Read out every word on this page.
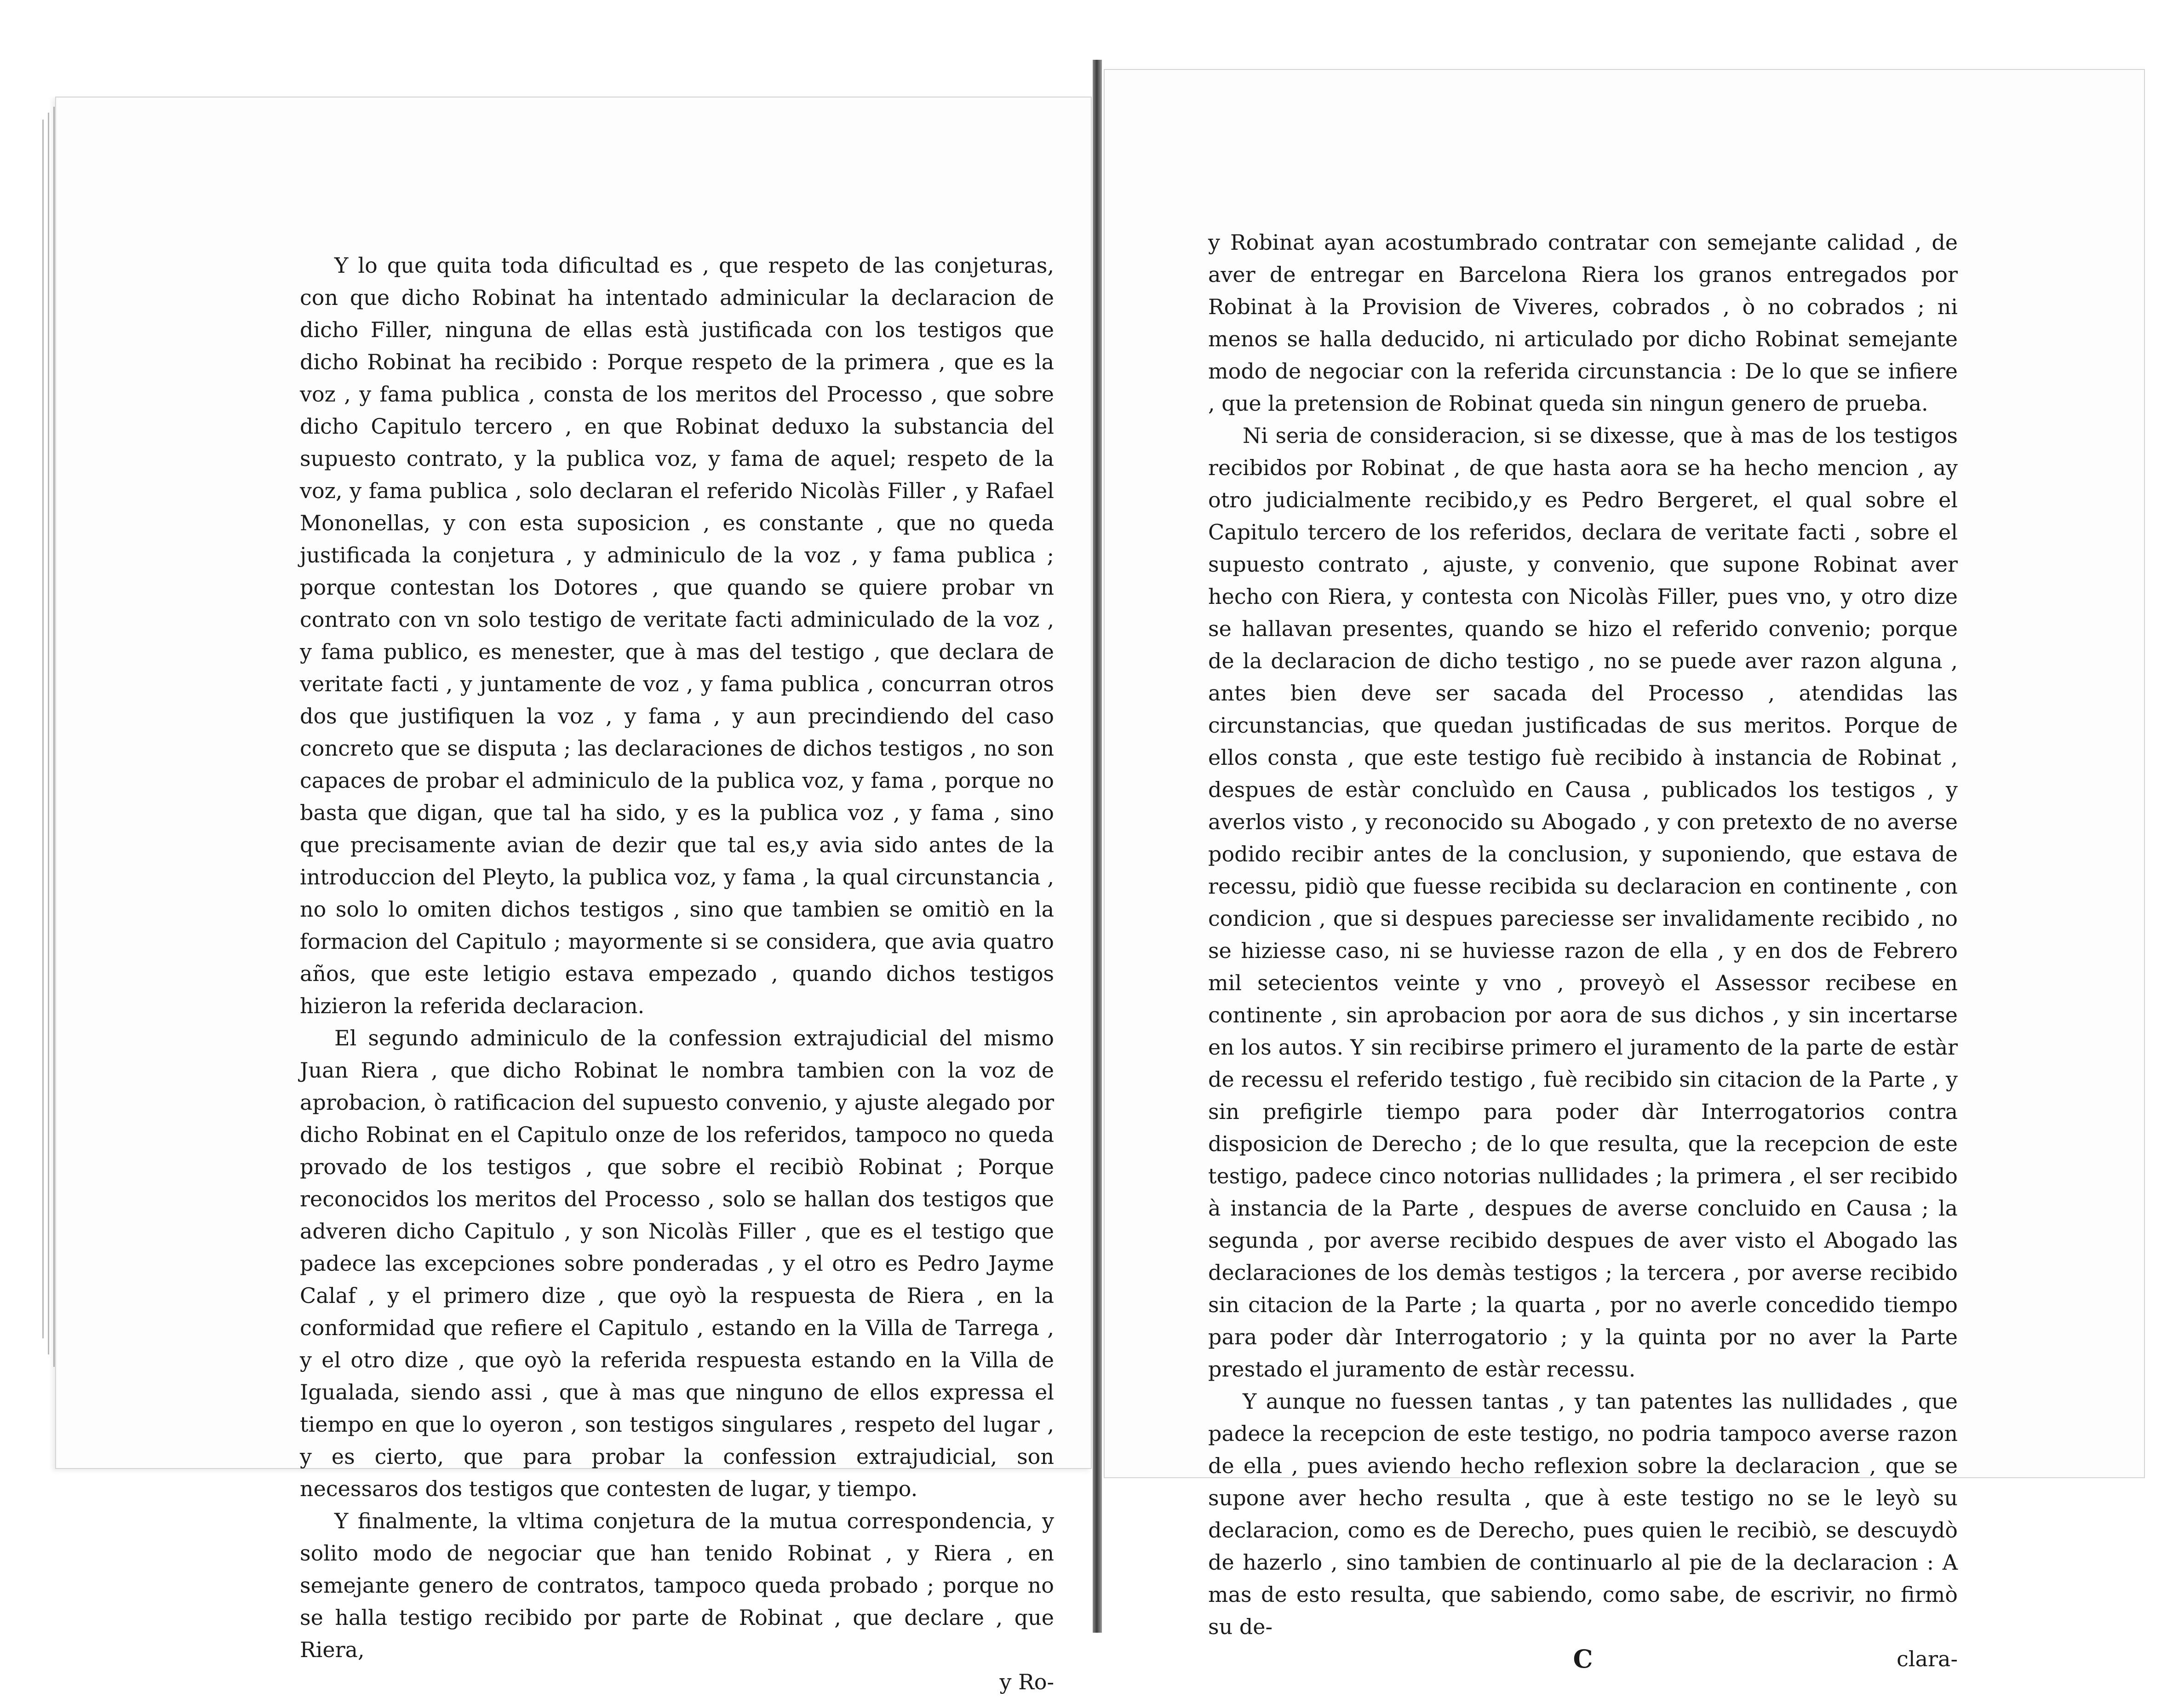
Y lo que quita toda dificultad es , que respeto de las conjeturas, con que dicho Robinat ha intentado adminicular la declaracion de dicho Filler, ninguna de ellas està justificada con los testigos que dicho Robinat ha recibido : Porque respeto de la primera , que es la voz , y fama publica , consta de los meritos del Processo , que sobre dicho Capitulo tercero , en que Robinat deduxo la substancia del supuesto contrato, y la publica voz, y fama de aquel; respeto de la voz, y fama publica , solo declaran el referido Nicolàs Filler , y Rafael Mononellas, y con esta suposicion , es constante , que no queda justificada la conjetura , y adminiculo de la voz , y fama publica ; porque contestan los Dotores , que quando se quiere probar vn contrato con vn solo testigo de veritate facti adminiculado de la voz , y fama publico, es menester, que à mas del testigo , que declara de veritate facti , y juntamente de voz , y fama publica , concurran otros dos que justifiquen la voz , y fama , y aun precindiendo del caso concreto que se disputa ; las declaraciones de dichos testigos , no son capaces de probar el adminiculo de la publica voz, y fama , porque no basta que digan, que tal ha sido, y es la publica voz , y fama , sino que precisamente avian de dezir que tal es,y avia sido antes de la introduccion del Pleyto, la publica voz, y fama , la qual circunstancia , no solo lo omiten dichos testigos , sino que tambien se omitiò en la formacion del Capitulo ; mayormente si se considera, que avia quatro años, que este letigio estava empezado , quando dichos testigos hizieron la referida declaracion.

El segundo adminiculo de la confession extrajudicial del mismo Juan Riera , que dicho Robinat le nombra tambien con la voz de aprobacion, ò ratificacion del supuesto convenio, y ajuste alegado por dicho Robinat en el Capitulo onze de los referidos, tampoco no queda provado de los testigos , que sobre el recibiò Robinat ; Porque reconocidos los meritos del Processo , solo se hallan dos testigos que adveren dicho Capitulo , y son Nicolàs Filler , que es el testigo que padece las excepciones sobre ponderadas , y el otro es Pedro Jayme Calaf , y el primero dize , que oyò la respuesta de Riera , en la conformidad que refiere el Capitulo , estando en la Villa de Tarrega , y el otro dize , que oyò la referida respuesta estando en la Villa de Igualada, siendo assi , que à mas que ninguno de ellos expressa el tiempo en que lo oyeron , son testigos singulares , respeto del lugar , y es cierto, que para probar la confession extrajudicial, son necessaros dos testigos que contesten de lugar, y tiempo.

Y finalmente, la vltima conjetura de la mutua correspondencia, y solito modo de negociar que han tenido Robinat , y Riera , en semejante genero de contratos, tampoco queda probado ; porque no se halla testigo recibido por parte de Robinat , que declare , que Riera,

y Ro-

y Robinat ayan acostumbrado contratar con semejante calidad , de aver de entregar en Barcelona Riera los granos entregados por Robinat à la Provision de Viveres, cobrados , ò no cobrados ; ni menos se halla deducido, ni articulado por dicho Robinat semejante modo de negociar con la referida circunstancia : De lo que se infiere , que la pretension de Robinat queda sin ningun genero de prueba.

Ni seria de consideracion, si se dixesse, que à mas de los testigos recibidos por Robinat , de que hasta aora se ha hecho mencion , ay otro judicialmente recibido,y es Pedro Bergeret, el qual sobre el Capitulo tercero de los referidos, declara de veritate facti , sobre el supuesto contrato , ajuste, y convenio, que supone Robinat aver hecho con Riera, y contesta con Nicolàs Filler, pues vno, y otro dize se hallavan presentes, quando se hizo el referido convenio; porque de la declaracion de dicho testigo , no se puede aver razon alguna , antes bien deve ser sacada del Processo , atendidas las circunstancias, que quedan justificadas de sus meritos. Porque de ellos consta , que este testigo fuè recibido à instancia de Robinat , despues de estàr concluìdo en Causa , publicados los testigos , y averlos visto , y reconocido su Abogado , y con pretexto de no averse podido recibir antes de la conclusion, y suponiendo, que estava de recessu, pidiò que fuesse recibida su declaracion en continente , con condicion , que si despues pareciesse ser invalidamente recibido , no se hiziesse caso, ni se huviesse razon de ella , y en dos de Febrero mil setecientos veinte y vno , proveyò el Assessor recibese en continente , sin aprobacion por aora de sus dichos , y sin incertarse en los autos. Y sin recibirse primero el juramento de la parte de estàr de recessu el referido testigo , fuè recibido sin citacion de la Parte , y sin prefigirle tiempo para poder dàr Interrogatorios contra disposicion de Derecho ; de lo que resulta, que la recepcion de este testigo, padece cinco notorias nullidades ; la primera , el ser recibido à instancia de la Parte , despues de averse concluido en Causa ; la segunda , por averse recibido despues de aver visto el Abogado las declaraciones de los demàs testigos ; la tercera , por averse recibido sin citacion de la Parte ; la quarta , por no averle concedido tiempo para poder dàr Interrogatorio ; y la quinta por no aver la Parte prestado el juramento de estàr recessu.

Y aunque no fuessen tantas , y tan patentes las nullidades , que padece la recepcion de este testigo, no podria tampoco averse razon de ella , pues aviendo hecho reflexion sobre la declaracion , que se supone aver hecho resulta , que à este testigo no se le leyò su declaracion, como es de Derecho, pues quien le recibiò, se descuydò de hazerlo , sino tambien de continuarlo al pie de la declaracion : A mas de esto resulta, que sabiendo, como sabe, de escrivir, no firmò su de-

C	clara-
